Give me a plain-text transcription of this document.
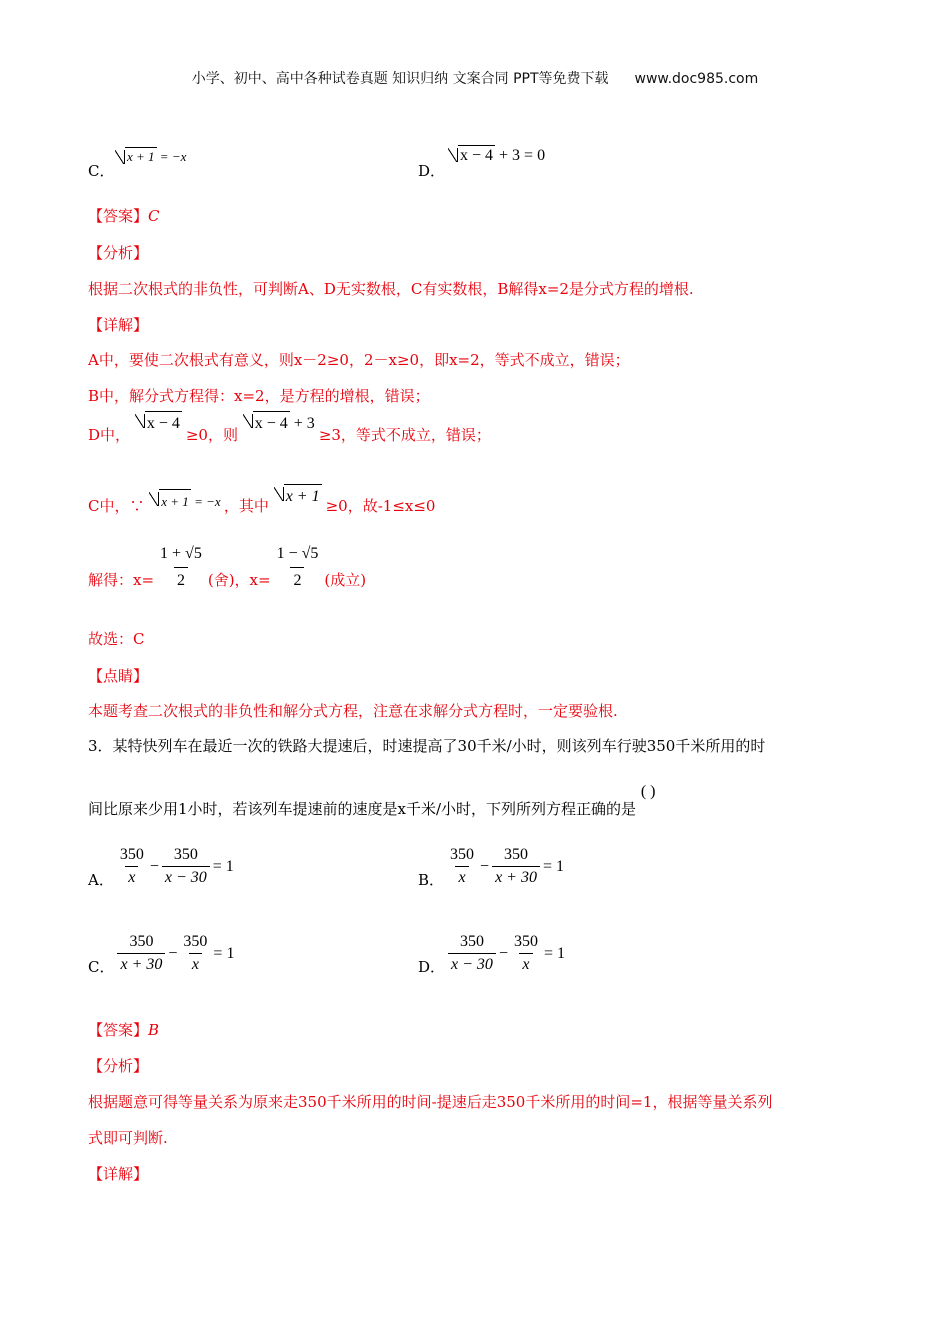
小学、初中、高中各种试卷真题 知识归纳 文案合同 PPT等免费下载 www.doc985.com
C．
x + 1 = −x
D．
x − 4 + 3 = 0
【答案】C
【分析】
根据二次根式的非负性，可判断A、D无实数根，C有实数根，B解得x=2是分式方程的增根.
【详解】
A中，要使二次根式有意义，则x－2≥0，2－x≥0，即x=2，等式不成立，错误；
B中，解分式方程得：x=2，是方程的增根，错误；
D中， x − 4 ≥0，则 x − 4 + 3 ≥3，等式不成立，错误；
C中，∵ x + 1 = −x ，其中 x + 1 ≥0，故-1≤x≤0
解得：$x= \frac{1 + √5}{2}$ (舍)，$x= \frac{1 - √5}{2}$ (成立)
故选：C
【点睛】
本题考查二次根式的非负性和解分式方程，注意在求解分式方程时，一定要验根.
3．某特快列车在最近一次的铁路大提速后，时速提高了30千米/小时，则该列车行驶350千米所用的时
间比原来少用1小时，若该列车提速前的速度是x千米/小时，下列所列方程正确的是 ( )
A． $\frac{350}{x} - \frac{350}{x - 30} = 1$
B． $\frac{350}{x} - \frac{350}{x + 30} = 1$
C． $\frac{350}{x + 30} - \frac{350}{x} = 1$
D． $\frac{350}{x - 30} - \frac{350}{x} = 1$
【答案】B
【分析】
根据题意可得等量关系为原来走350千米所用的时间-提速后走350千米所用的时间=1，根据等量关系列
式即可判断.
【详解】
